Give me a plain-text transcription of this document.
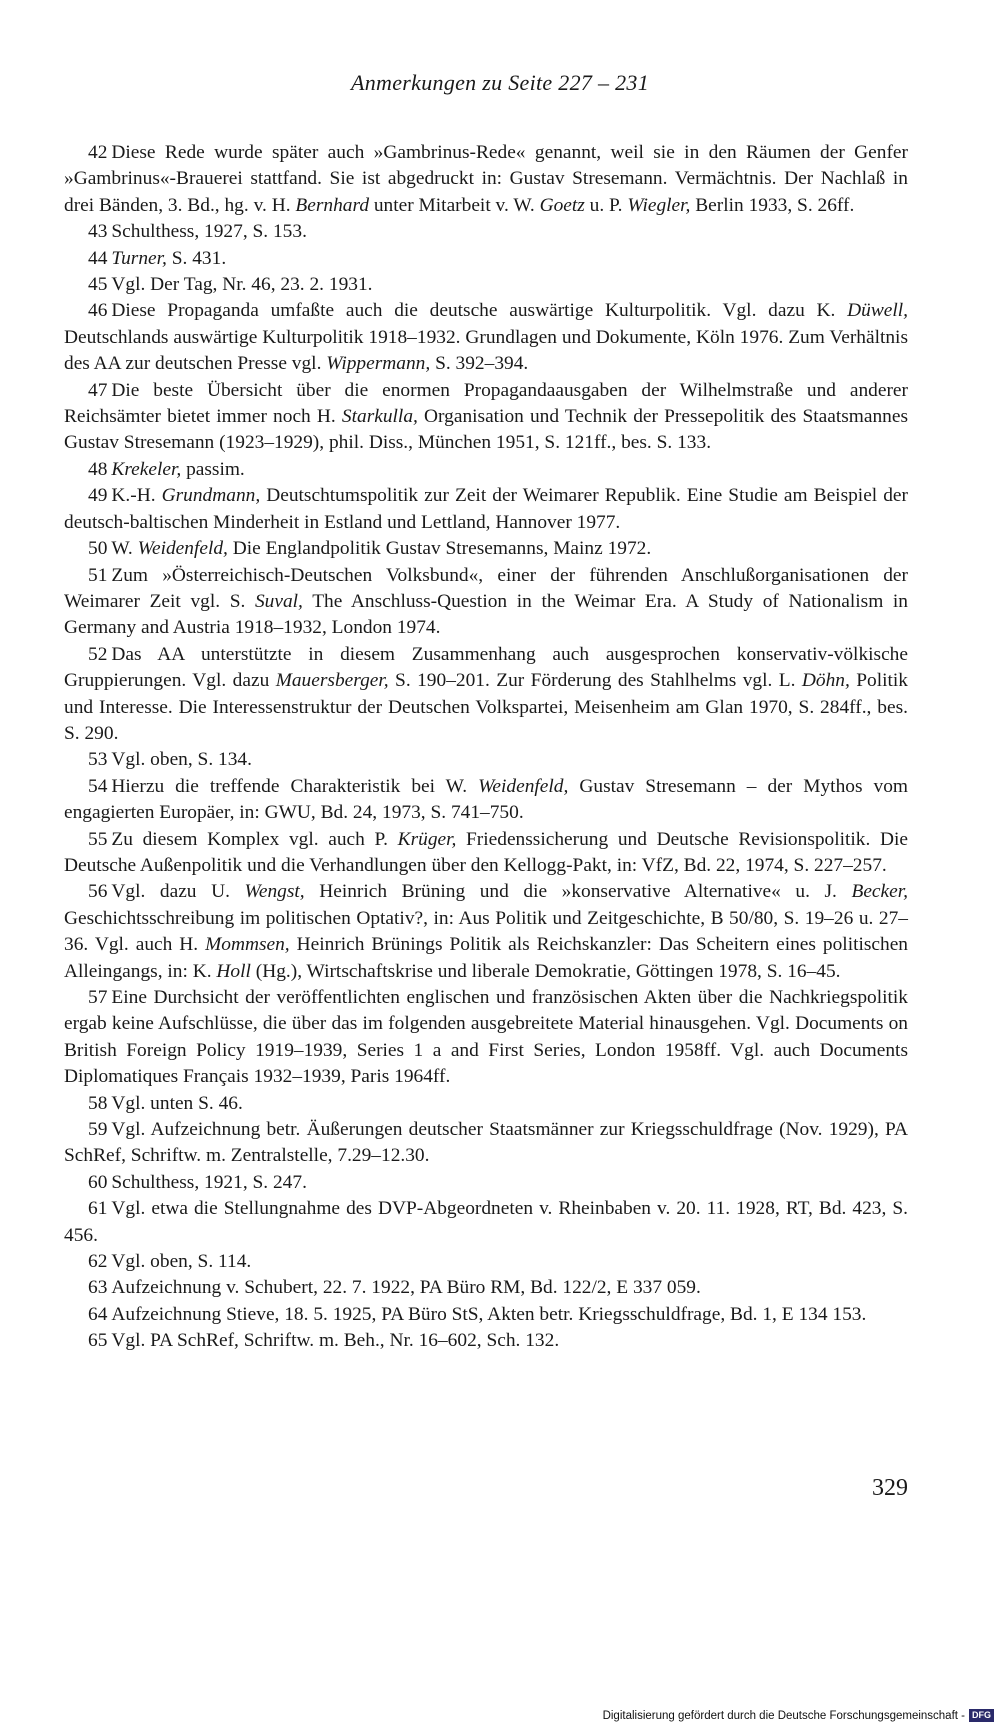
Anmerkungen zu Seite 227 – 231

42 Diese Rede wurde später auch »Gambrinus-Rede« genannt, weil sie in den Räumen der Genfer »Gambrinus«-Brauerei stattfand. Sie ist abgedruckt in: Gustav Stresemann. Vermächtnis. Der Nachlaß in drei Bänden, 3. Bd., hg. v. H. Bernhard unter Mitarbeit v. W. Goetz u. P. Wiegler, Berlin 1933, S. 26ff.

43 Schulthess, 1927, S. 153.

44 Turner, S. 431.

45 Vgl. Der Tag, Nr. 46, 23. 2. 1931.

46 Diese Propaganda umfaßte auch die deutsche auswärtige Kulturpolitik. Vgl. dazu K. Düwell, Deutschlands auswärtige Kulturpolitik 1918–1932. Grundlagen und Dokumente, Köln 1976. Zum Verhältnis des AA zur deutschen Presse vgl. Wippermann, S. 392–394.

47 Die beste Übersicht über die enormen Propagandaausgaben der Wilhelmstraße und anderer Reichsämter bietet immer noch H. Starkulla, Organisation und Technik der Pressepolitik des Staatsmannes Gustav Stresemann (1923–1929), phil. Diss., München 1951, S. 121ff., bes. S. 133.

48 Krekeler, passim.

49 K.-H. Grundmann, Deutschtumspolitik zur Zeit der Weimarer Republik. Eine Studie am Beispiel der deutsch-baltischen Minderheit in Estland und Lettland, Hannover 1977.

50 W. Weidenfeld, Die Englandpolitik Gustav Stresemanns, Mainz 1972.

51 Zum »Österreichisch-Deutschen Volksbund«, einer der führenden Anschlußorganisationen der Weimarer Zeit vgl. S. Suval, The Anschluss-Question in the Weimar Era. A Study of Nationalism in Germany and Austria 1918–1932, London 1974.

52 Das AA unterstützte in diesem Zusammenhang auch ausgesprochen konservativ-völkische Gruppierungen. Vgl. dazu Mauersberger, S. 190–201. Zur Förderung des Stahlhelms vgl. L. Döhn, Politik und Interesse. Die Interessenstruktur der Deutschen Volkspartei, Meisenheim am Glan 1970, S. 284ff., bes. S. 290.

53 Vgl. oben, S. 134.

54 Hierzu die treffende Charakteristik bei W. Weidenfeld, Gustav Stresemann – der Mythos vom engagierten Europäer, in: GWU, Bd. 24, 1973, S. 741–750.

55 Zu diesem Komplex vgl. auch P. Krüger, Friedenssicherung und Deutsche Revisionspolitik. Die Deutsche Außenpolitik und die Verhandlungen über den Kellogg-Pakt, in: VfZ, Bd. 22, 1974, S. 227–257.

56 Vgl. dazu U. Wengst, Heinrich Brüning und die »konservative Alternative« u. J. Becker, Geschichtsschreibung im politischen Optativ?, in: Aus Politik und Zeitgeschichte, B 50/80, S. 19–26 u. 27–36. Vgl. auch H. Mommsen, Heinrich Brünings Politik als Reichskanzler: Das Scheitern eines politischen Alleingangs, in: K. Holl (Hg.), Wirtschaftskrise und liberale Demokratie, Göttingen 1978, S. 16–45.

57 Eine Durchsicht der veröffentlichten englischen und französischen Akten über die Nachkriegspolitik ergab keine Aufschlüsse, die über das im folgenden ausgebreitete Material hinausgehen. Vgl. Documents on British Foreign Policy 1919–1939, Series 1 a and First Series, London 1958ff. Vgl. auch Documents Diplomatiques Français 1932–1939, Paris 1964ff.

58 Vgl. unten S. 46.

59 Vgl. Aufzeichnung betr. Äußerungen deutscher Staatsmänner zur Kriegsschuldfrage (Nov. 1929), PA SchRef, Schriftw. m. Zentralstelle, 7.29–12.30.

60 Schulthess, 1921, S. 247.

61 Vgl. etwa die Stellungnahme des DVP-Abgeordneten v. Rheinbaben v. 20. 11. 1928, RT, Bd. 423, S. 456.

62 Vgl. oben, S. 114.

63 Aufzeichnung v. Schubert, 22. 7. 1922, PA Büro RM, Bd. 122/2, E 337 059.

64 Aufzeichnung Stieve, 18. 5. 1925, PA Büro StS, Akten betr. Kriegsschuldfrage, Bd. 1, E 134 153.

65 Vgl. PA SchRef, Schriftw. m. Beh., Nr. 16–602, Sch. 132.

329
Digitalisierung gefördert durch die Deutsche Forschungsgemeinschaft - DFG
